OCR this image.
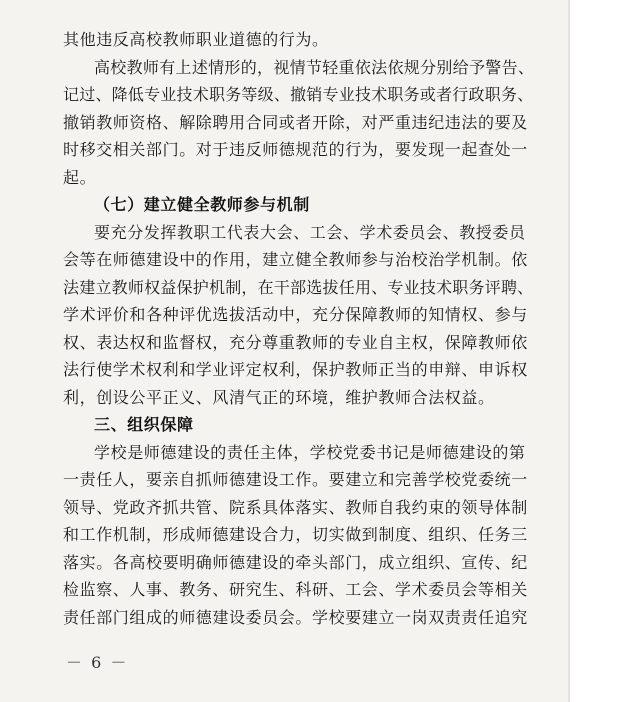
其他违反高校教师职业道德的行为。
高校教师有上述情形的，视情节轻重依法依规分别给予警告、
记过、降低专业技术职务等级、撤销专业技术职务或者行政职务、
撤销教师资格、解除聘用合同或者开除，对严重违纪违法的要及
时移交相关部门。对于违反师德规范的行为，要发现一起查处一
起。
（七）建立健全教师参与机制
要充分发挥教职工代表大会、工会、学术委员会、教授委员
会等在师德建设中的作用，建立健全教师参与治校治学机制。依
法建立教师权益保护机制，在干部选拔任用、专业技术职务评聘、
学术评价和各种评优选拔活动中，充分保障教师的知情权、参与
权、表达权和监督权，充分尊重教师的专业自主权，保障教师依
法行使学术权利和学业评定权利，保护教师正当的申辩、申诉权
利，创设公平正义、风清气正的环境，维护教师合法权益。
三、组织保障
学校是师德建设的责任主体，学校党委书记是师德建设的第
一责任人，要亲自抓师德建设工作。要建立和完善学校党委统一
领导、党政齐抓共管、院系具体落实、教师自我约束的领导体制
和工作机制，形成师德建设合力，切实做到制度、组织、任务三
落实。各高校要明确师德建设的牵头部门，成立组织、宣传、纪
检监察、人事、教务、研究生、科研、工会、学术委员会等相关
责任部门组成的师德建设委员会。学校要建立一岗双责责任追究
－ 6 －
